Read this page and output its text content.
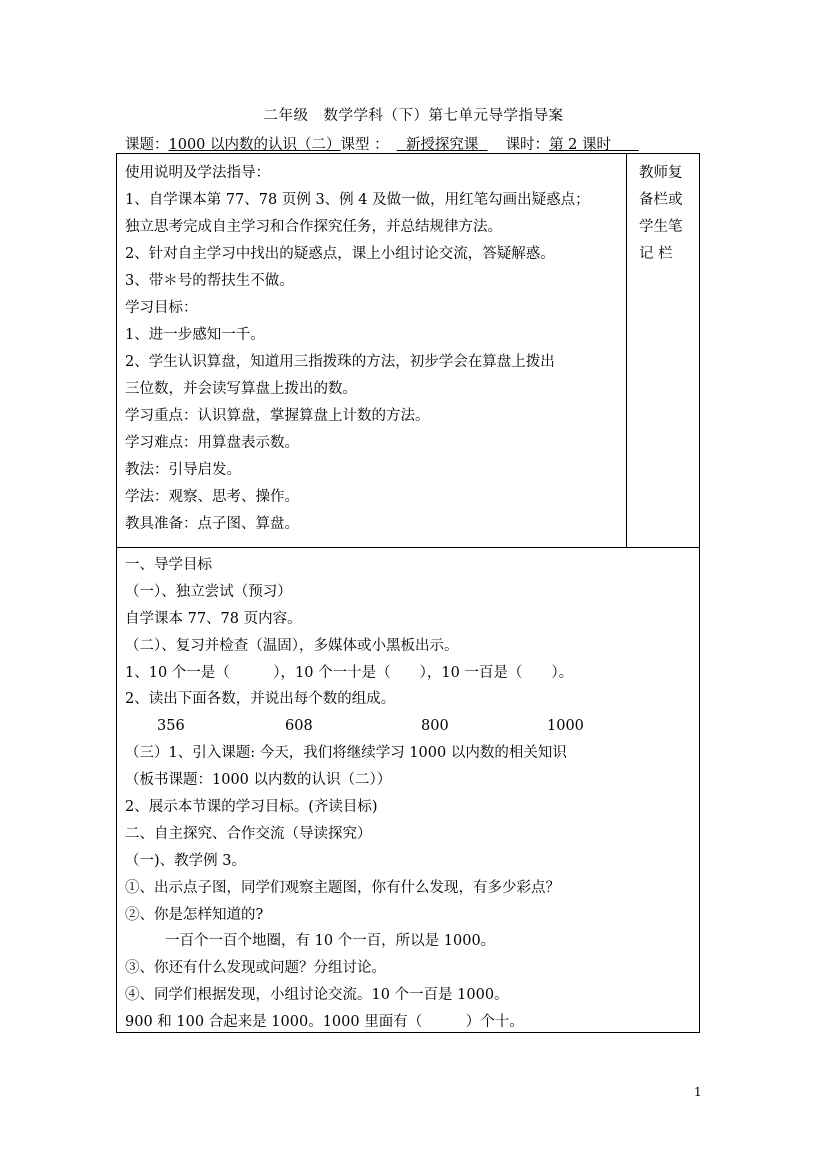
二年级　数学学科（下）第七单元导学指导案
课题：1000 以内数的认识（二）课型 ： 新授探究课 课时：第 2 课时
使用说明及学法指导：
1、自学课本第 77、78 页例 3、例 4 及做一做，用红笔勾画出疑惑点；
独立思考完成自主学习和合作探究任务，并总结规律方法。
2、针对自主学习中找出的疑惑点，课上小组讨论交流，答疑解惑。
3、带＊号的帮扶生不做。
学习目标：
1、进一步感知一千。
2、学生认识算盘，知道用三指拨珠的方法，初步学会在算盘上拨出
三位数，并会读写算盘上拨出的数。
学习重点：认识算盘，掌握算盘上计数的方法。
学习难点：用算盘表示数。
教法：引导启发。
学法：观察、思考、操作。
教具准备：点子图、算盘。
教师复
备栏或
学生笔
记 栏
一、导学目标
（一）、独立尝试（预习）
自学课本 77、78 页内容。
（二）、复习并检查（温固），多媒体或小黑板出示。
1、10 个一是（　　　），10 个一十是（　　），10 一百是（　　）。
2、读出下面各数，并说出每个数的组成。
356	608	800	1000
（三）1、引入课题: 今天，我们将继续学习 1000 以内数的相关知识
（板书课题：1000 以内数的认识（二））
2、展示本节课的学习目标。(齐读目标)
二、自主探究、合作交流（导读探究）
（一)、教学例 3。
①、出示点子图，同学们观察主题图，你有什么发现，有多少彩点？
②、你是怎样知道的?
一百个一百个地圈，有 10 个一百，所以是 1000。
③、你还有什么发现或问题？分组讨论。
④、同学们根据发现，小组讨论交流。10 个一百是 1000。
900 和 100 合起来是 1000。1000 里面有（　　　）个十。
1
